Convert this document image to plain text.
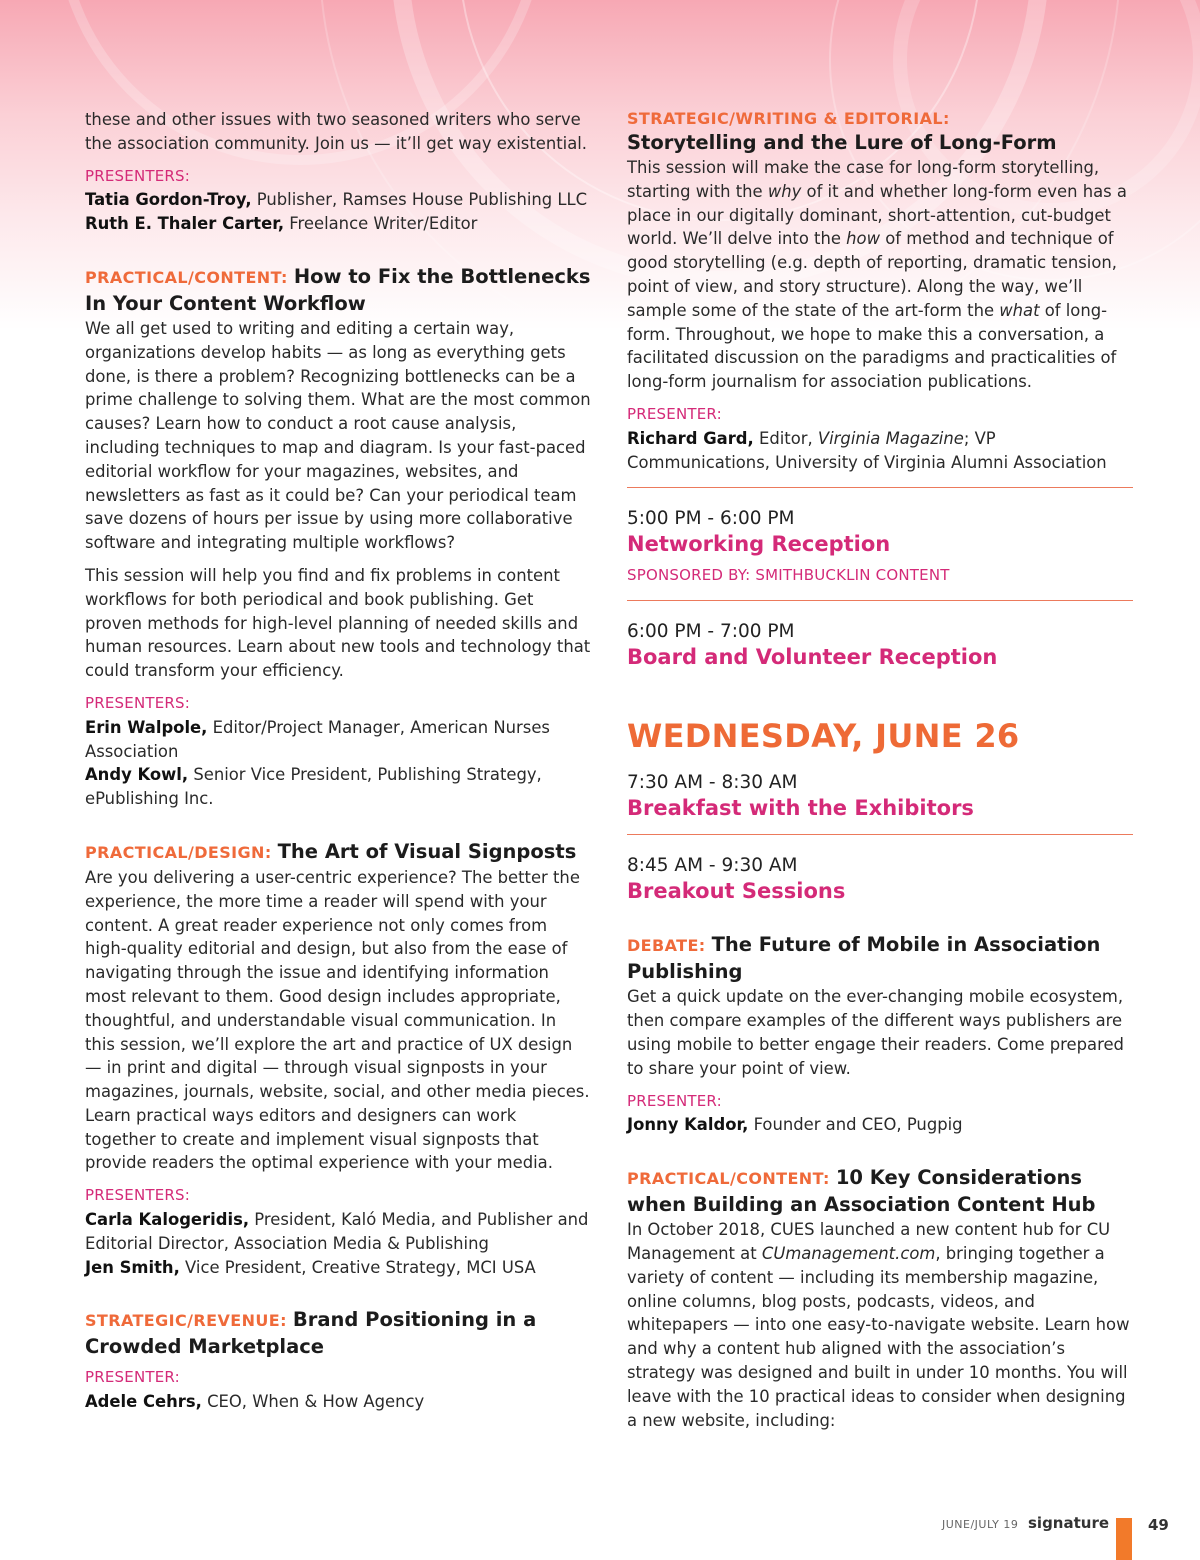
these and other issues with two seasoned writers who serve the association community. Join us — it’ll get way existential.

PRESENTERS:

Tatia Gordon-Troy, Publisher, Ramses House Publishing LLC

Ruth E. Thaler Carter, Freelance Writer/Editor

PRACTICAL/CONTENT: How to Fix the Bottlenecks In Your Content Workflow

We all get used to writing and editing a certain way, organizations develop habits — as long as everything gets done, is there a problem? Recognizing bottlenecks can be a prime challenge to solving them. What are the most common causes? Learn how to conduct a root cause analysis, including techniques to map and diagram. Is your fast-paced editorial workflow for your magazines, websites, and newsletters as fast as it could be? Can your periodical team save dozens of hours per issue by using more collaborative software and integrating multiple workflows?

This session will help you find and fix problems in content workflows for both periodical and book publishing. Get proven methods for high-level planning of needed skills and human resources. Learn about new tools and technology that could transform your efficiency.

PRESENTERS:

Erin Walpole, Editor/Project Manager, American Nurses Association

Andy Kowl, Senior Vice President, Publishing Strategy, ePublishing Inc.

PRACTICAL/DESIGN: The Art of Visual Signposts

Are you delivering a user-centric experience? The better the experience, the more time a reader will spend with your content. A great reader experience not only comes from high-quality editorial and design, but also from the ease of navigating through the issue and identifying information most relevant to them. Good design includes appropriate, thoughtful, and understandable visual communication. In this session, we’ll explore the art and practice of UX design — in print and digital — through visual signposts in your magazines, journals, website, social, and other media pieces. Learn practical ways editors and designers can work together to create and implement visual signposts that provide readers the optimal experience with your media.

PRESENTERS:

Carla Kalogeridis, President, Kaló Media, and Publisher and Editorial Director, Association Media & Publishing

Jen Smith, Vice President, Creative Strategy, MCI USA

STRATEGIC/REVENUE: Brand Positioning in a Crowded Marketplace

PRESENTER:

Adele Cehrs, CEO, When & How Agency

STRATEGIC/WRITING & EDITORIAL:

Storytelling and the Lure of Long-Form

This session will make the case for long-form storytelling, starting with the why of it and whether long-form even has a place in our digitally dominant, short-attention, cut-budget world. We’ll delve into the how of method and technique of good storytelling (e.g. depth of reporting, dramatic tension, point of view, and story structure). Along the way, we’ll sample some of the state of the art-form the what of long-form. Throughout, we hope to make this a conversation, a facilitated discussion on the paradigms and practicalities of long-form journalism for association publications.

PRESENTER:

Richard Gard, Editor, Virginia Magazine; VP Communications, University of Virginia Alumni Association

5:00 PM - 6:00 PM

Networking Reception

SPONSORED BY: SMITHBUCKLIN CONTENT

6:00 PM - 7:00 PM

Board and Volunteer Reception

WEDNESDAY, JUNE 26

7:30 AM - 8:30 AM

Breakfast with the Exhibitors

8:45 AM - 9:30 AM

Breakout Sessions

DEBATE: The Future of Mobile in Association Publishing

Get a quick update on the ever-changing mobile ecosystem, then compare examples of the different ways publishers are using mobile to better engage their readers. Come prepared to share your point of view.

PRESENTER:

Jonny Kaldor, Founder and CEO, Pugpig

PRACTICAL/CONTENT: 10 Key Considerations when Building an Association Content Hub

In October 2018, CUES launched a new content hub for CU Management at CUmanagement.com, bringing together a variety of content — including its membership magazine, online columns, blog posts, podcasts, videos, and whitepapers — into one easy-to-navigate website. Learn how and why a content hub aligned with the association’s strategy was designed and built in under 10 months. You will leave with the 10 practical ideas to consider when designing a new website, including:

JUNE/JULY 19 signature	49
